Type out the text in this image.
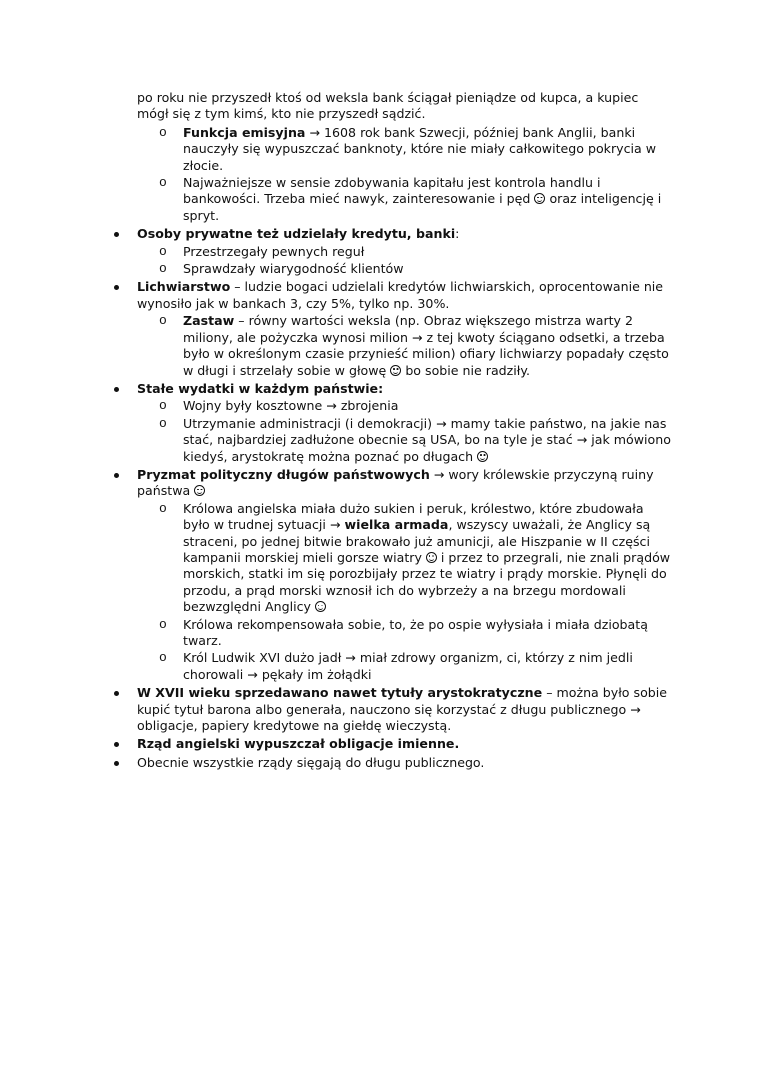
po roku nie przyszedł ktoś od weksla bank ściągał pieniądze od kupca, a kupiec mógł się z tym kimś, kto nie przyszedł sądzić.
o Funkcja emisyjna → 1608 rok bank Szwecji, później bank Anglii, banki nauczyły się wypuszczać banknoty, które nie miały całkowitego pokrycia w złocie.
o Najważniejsze w sensie zdobywania kapitału jest kontrola handlu i bankowości. Trzeba mieć nawyk, zainteresowanie i pęd oraz inteligencję i spryt.
Osoby prywatne też udzielały kredytu, banki:
o Przestrzegały pewnych reguł
o Sprawdzały wiarygodność klientów
Lichwiarstwo – ludzie bogaci udzielali kredytów lichwiarskich, oprocentowanie nie wynosiło jak w bankach 3, czy 5%, tylko np. 30%.
o Zastaw – równy wartości weksla (np. Obraz większego mistrza warty 2 miliony, ale pożyczka wynosi milion → z tej kwoty ściągano odsetki, a trzeba było w określonym czasie przynieść milion) ofiary lichwiarzy popadały często w długi i strzelały sobie w głowę  bo sobie nie radziły.
Stałe wydatki w każdym państwie:
o Wojny były kosztowne → zbrojenia
o Utrzymanie administracji (i demokracji) → mamy takie państwo, na jakie nas stać, najbardziej zadłużone obecnie są USA, bo na tyle je stać → jak mówiono kiedyś, arystokratę można poznać po długach
Pryzmat polityczny długów państwowych → wory królewskie przyczyną ruiny państwa
o Królowa angielska miała dużo sukien i peruk, królestwo, które zbudowała było w trudnej sytuacji → wielka armada, wszyscy uważali, że Anglicy są straceni, po jednej bitwie brakowało już amunicji, ale Hiszpanie w II części kampanii morskiej mieli gorsze wiatry  i przez to przegrali, nie znali prądów morskich, statki im się porozbijały przez te wiatry i prądy morskie. Płynęli do przodu, a prąd morski wznosił ich do wybrzeży a na brzegu mordowali bezwzględni Anglicy
o Królowa rekompensowała sobie, to, że po ospie wyłysiała i miała dziobatą twarz.
o Król Ludwik XVI dużo jadł → miał zdrowy organizm, ci, którzy z nim jedli chorowali → pękały im żołądki
W XVII wieku sprzedawano nawet tytuły arystokratyczne – można było sobie kupić tytuł barona albo generała, nauczono się korzystać z długu publicznego → obligacje, papiery kredytowe na giełdę wieczystą.
Rząd angielski wypuszczał obligacje imienne.
Obecnie wszystkie rządy sięgają do długu publicznego.
